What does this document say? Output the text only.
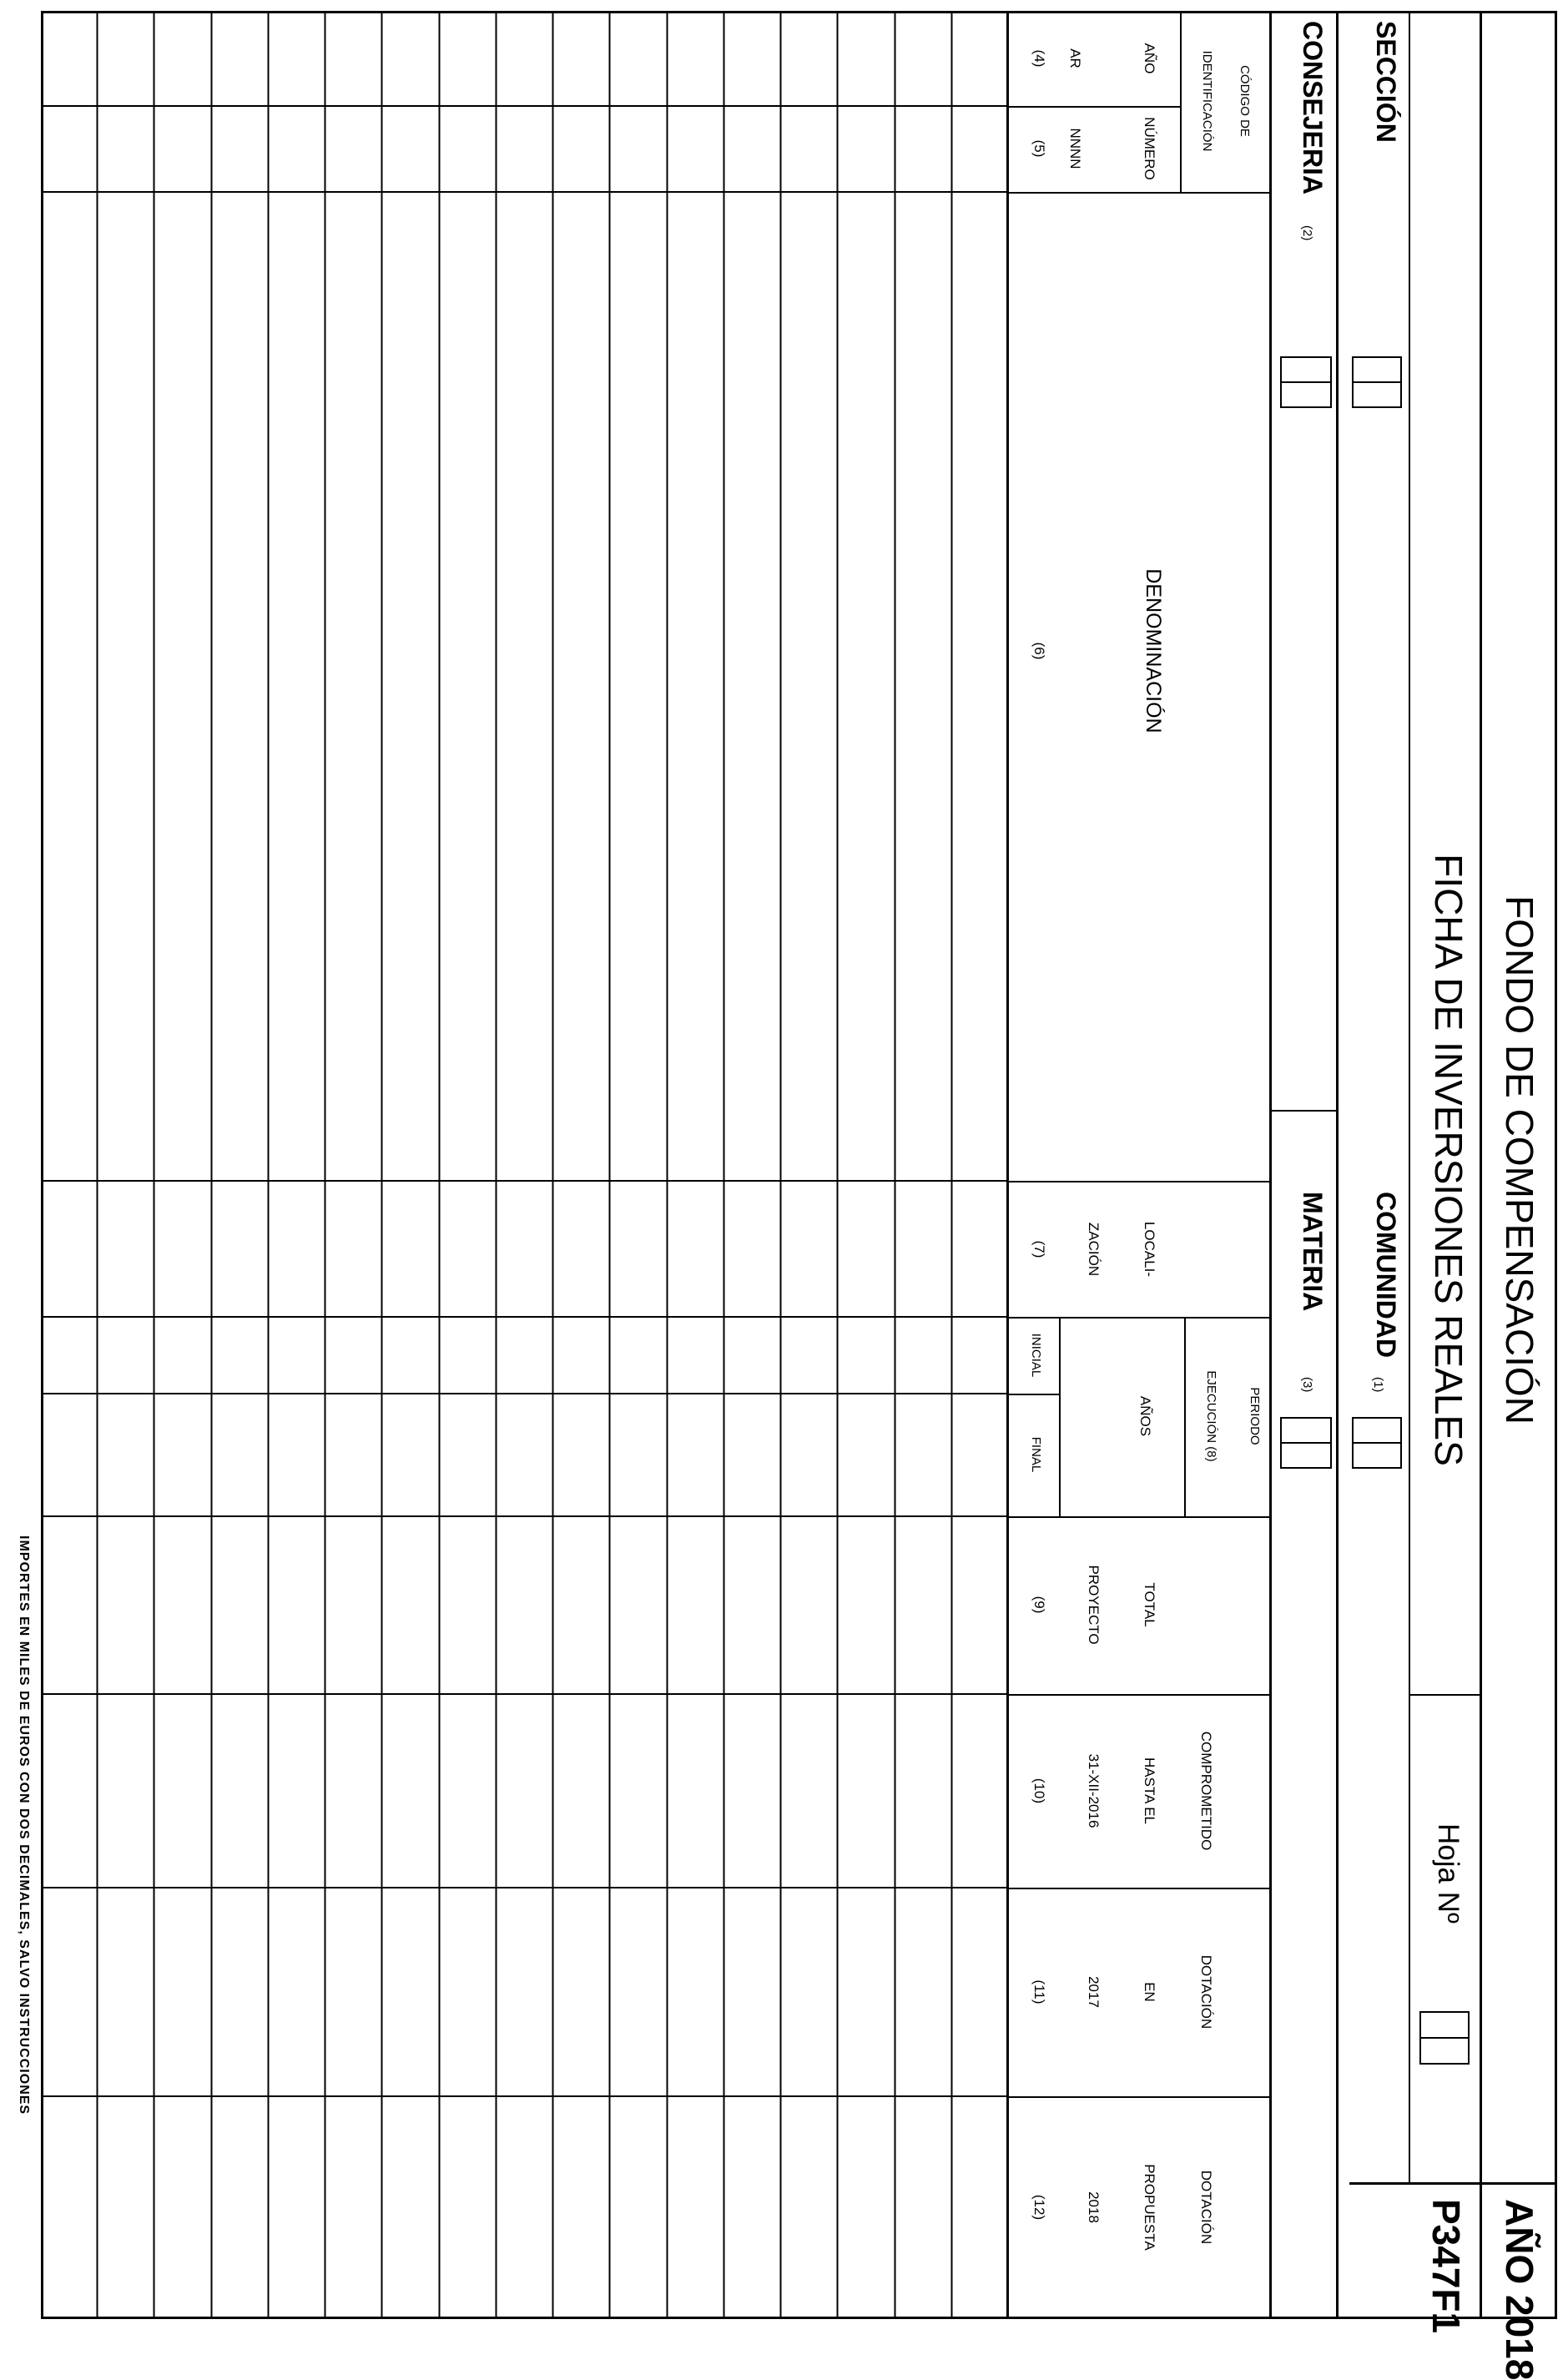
FONDO DE COMPENSACIÓN
AÑO 2018
FICHA DE INVERSIONES REALES
Hoja Nº
P347F1
SECCIÓN
COMUNIDAD
(1)
CONSEJERIA
(2)
MATERIA
(3)
CÓDIGO DE
IDENTIFICACIÓN
AÑO
AR
(4)
NÚMERO
NNNN
(5)
DENOMINACIÓN
(6)
LOCALI-
ZACIÓN
(7)
PERIODO
EJECUCIÓN (8)
AÑOS
INICIAL
FINAL
TOTAL
PROYECTO
(9)
COMPROMETIDO
HASTA EL
31-XII-2016
(10)
DOTACIÓN
EN
2017
(11)
DOTACIÓN
PROPUESTA
2018
(12)
IMPORTES EN MILES DE EUROS CON DOS DECIMALES, SALVO INSTRUCCIONES
